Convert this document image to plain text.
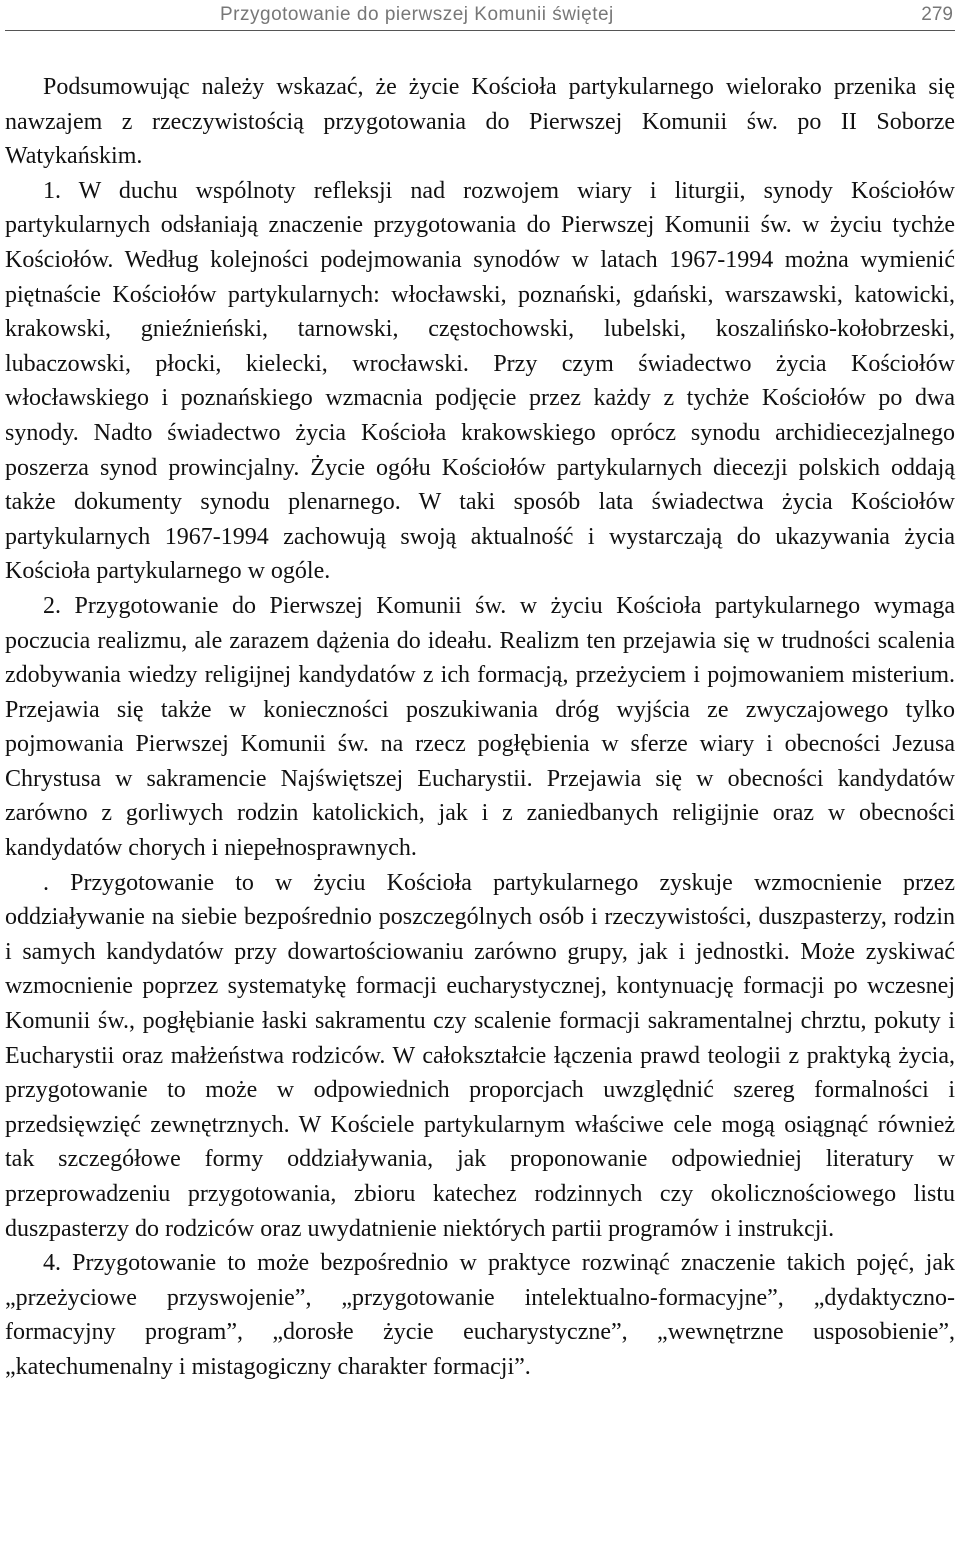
Przygotowanie do pierwszej Komunii świętej	279

Podsumowując należy wskazać, że życie Kościoła partykularnego wielorako przenika się nawzajem z rzeczywistością przygotowania do Pierwszej Komunii św. po II Soborze Watykańskim.

1. W duchu wspólnoty refleksji nad rozwojem wiary i liturgii, synody Kościołów partykularnych odsłaniają znaczenie przygotowania do Pierwszej Komunii św. w życiu tychże Kościołów. Według kolejności podejmowania synodów w latach 1967-1994 można wymienić piętnaście Kościołów partykularnych: włocławski, poznański, gdański, warszawski, katowicki, krakowski, gnieźnieński, tarnowski, częstochowski, lubelski, koszalińsko-kołobrzeski, lubaczowski, płocki, kielecki, wrocławski. Przy czym świadectwo życia Kościołów włocławskiego i poznańskiego wzmacnia podjęcie przez każdy z tychże Kościołów po dwa synody. Nadto świadectwo życia Kościoła krakowskiego oprócz synodu archidiecezjalnego poszerza synod prowincjalny. Życie ogółu Kościołów partykularnych diecezji polskich oddają także dokumenty synodu plenarnego. W taki sposób lata świadectwa życia Kościołów partykularnych 1967-1994 zachowują swoją aktualność i wystarczają do ukazywania życia Kościoła partykularnego w ogóle.

2. Przygotowanie do Pierwszej Komunii św. w życiu Kościoła partykularnego wymaga poczucia realizmu, ale zarazem dążenia do ideału. Realizm ten przejawia się w trudności scalenia zdobywania wiedzy religijnej kandydatów z ich formacją, przeżyciem i pojmowaniem misterium. Przejawia się także w konieczności poszukiwania dróg wyjścia ze zwyczajowego tylko pojmowania Pierwszej Komunii św. na rzecz pogłębienia w sferze wiary i obecności Jezusa Chrystusa w sakramencie Najświętszej Eucharystii. Przejawia się w obecności kandydatów zarówno z gorliwych rodzin katolickich, jak i z zaniedbanych religijnie oraz w obecności kandydatów chorych i niepełnosprawnych.

. Przygotowanie to w życiu Kościoła partykularnego zyskuje wzmocnienie przez oddziaływanie na siebie bezpośrednio poszczególnych osób i rzeczywistości, duszpasterzy, rodzin i samych kandydatów przy dowartościowaniu zarówno grupy, jak i jednostki. Może zyskiwać wzmocnienie poprzez systematykę formacji eucharystycznej, kontynuację formacji po wczesnej Komunii św., pogłębianie łaski sakramentu czy scalenie formacji sakramentalnej chrztu, pokuty i Eucharystii oraz małżeństwa rodziców. W całokształcie łączenia prawd teologii z praktyką życia, przygotowanie to może w odpowiednich proporcjach uwzględnić szereg formalności i przedsięwzięć zewnętrznych. W Kościele partykularnym właściwe cele mogą osiągnąć również tak szczegółowe formy oddziaływania, jak proponowanie odpowiedniej literatury w przeprowadzeniu przygotowania, zbioru katechez rodzinnych czy okolicznościowego listu duszpasterzy do rodziców oraz uwydatnienie niektórych partii programów i instrukcji.

4. Przygotowanie to może bezpośrednio w praktyce rozwinąć znaczenie takich pojęć, jak „przeżyciowe przyswojenie”, „przygotowanie intelektualno-formacyjne”, „dydaktyczno-formacyjny program”, „dorosłe życie eucharystyczne”, „wewnętrzne usposobienie”, „katechumenalny i mistagogiczny charakter formacji”.
